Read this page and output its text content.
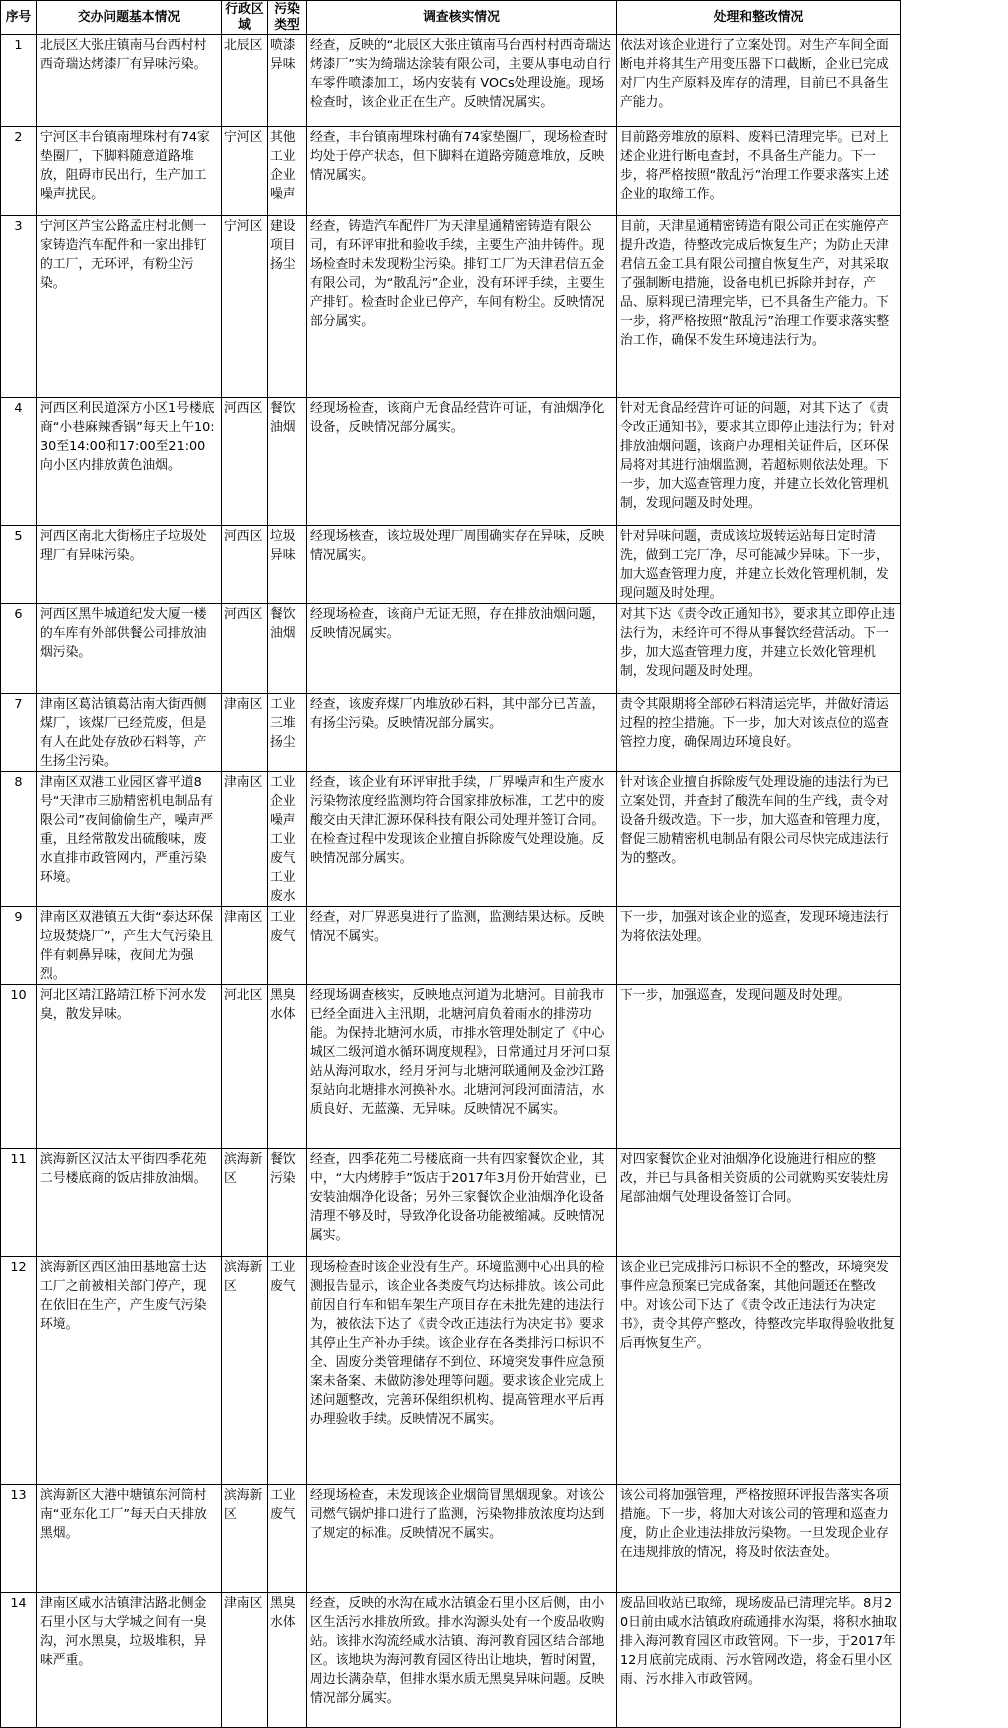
序号	交办问题基本情况	行政区域	污染类型	调查核实情况	处理和整改情况
1	北辰区大张庄镇南马台西村村西奇瑞达烤漆厂有异味污染。	北辰区	喷漆异味	经查，反映的“北辰区大张庄镇南马台西村村西奇瑞达烤漆厂”实为绮瑞达涂装有限公司，主要从事电动自行车零件喷漆加工，场内安装有 VOCs处理设施。现场检查时，该企业正在生产。反映情况属实。	依法对该企业进行了立案处罚。对生产车间全面断电并将其生产用变压器下口截断，企业已完成对厂内生产原料及库存的清理，目前已不具备生产能力。
2	宁河区丰台镇南埋珠村有74家垫圈厂，下脚料随意道路堆放，阻碍市民出行，生产加工噪声扰民。	宁河区	其他工业企业噪声	经查，丰台镇南埋珠村确有74家垫圈厂，现场检查时均处于停产状态，但下脚料在道路旁随意堆放，反映情况属实。	目前路旁堆放的原料、废料已清理完毕。已对上述企业进行断电查封，不具备生产能力。下一步，将严格按照“散乱污”治理工作要求落实上述企业的取缔工作。
3	宁河区芦宝公路孟庄村北侧一家铸造汽车配件和一家出排钉的工厂，无环评，有粉尘污染。	宁河区	建设项目扬尘	经查，铸造汽车配件厂为天津星通精密铸造有限公司，有环评审批和验收手续，主要生产油井铸件。现场检查时未发现粉尘污染。排钉工厂为天津君信五金有限公司，为“散乱污”企业，没有环评手续，主要生产排钉。检查时企业已停产，车间有粉尘。反映情况部分属实。	目前，天津星通精密铸造有限公司正在实施停产提升改造，待整改完成后恢复生产；为防止天津君信五金工具有限公司擅自恢复生产，对其采取了强制断电措施，设备电机已拆除并封存，产品、原料现已清理完毕，已不具备生产能力。下一步，将严格按照“散乱污”治理工作要求落实整治工作，确保不发生环境违法行为。
4	河西区利民道深方小区1号楼底商“小巷麻辣香锅”每天上午10:30至14:00和17:00至21:00向小区内排放黄色油烟。	河西区	餐饮油烟	经现场检查，该商户无食品经营许可证，有油烟净化设备，反映情况部分属实。	针对无食品经营许可证的问题，对其下达了《责令改正通知书》，要求其立即停止违法行为；针对排放油烟问题，该商户办理相关证件后，区环保局将对其进行油烟监测，若超标则依法处理。下一步，加大巡查管理力度，并建立长效化管理机制，发现问题及时处理。
5	河西区南北大街杨庄子垃圾处理厂有异味污染。	河西区	垃圾异味	经现场核查，该垃圾处理厂周围确实存在异味，反映情况属实。	针对异味问题，责成该垃圾转运站每日定时清洗，做到工完厂净，尽可能减少异味。下一步，加大巡查管理力度，并建立长效化管理机制，发现问题及时处理。
6	河西区黑牛城道纪发大厦一楼的车库有外部供餐公司排放油烟污染。	河西区	餐饮油烟	经现场检查，该商户无证无照，存在排放油烟问题，反映情况属实。	对其下达《责令改正通知书》，要求其立即停止违法行为，未经许可不得从事餐饮经营活动。下一步，加大巡查管理力度，并建立长效化管理机制，发现问题及时处理。
7	津南区葛沽镇葛沽南大街西侧煤厂，该煤厂已经荒废，但是有人在此处存放砂石料等，产生扬尘污染。	津南区	工业三堆扬尘	经查，该废弃煤厂内堆放砂石料，其中部分已苫盖，有扬尘污染。反映情况部分属实。	责令其限期将全部砂石料清运完毕，并做好清运过程的控尘措施。下一步，加大对该点位的巡查管控力度，确保周边环境良好。
8	津南区双港工业园区睿平道8号“天津市三励精密机电制品有限公司”夜间偷偷生产，噪声严重，且经常散发出硫酸味，废水直排市政管网内，严重污染环境。	津南区	工业企业噪声工业废气工业废水	经查，该企业有环评审批手续，厂界噪声和生产废水污染物浓度经监测均符合国家排放标准，工艺中的废酸交由天津汇源环保科技有限公司处理并签订合同。在检查过程中发现该企业擅自拆除废气处理设施。反映情况部分属实。	针对该企业擅自拆除废气处理设施的违法行为已立案处罚，并查封了酸洗车间的生产线，责令对设备升级改造。下一步，加大巡查和管理力度，督促三励精密机电制品有限公司尽快完成违法行为的整改。
9	津南区双港镇五大街“泰达环保垃圾焚烧厂”，产生大气污染且伴有刺鼻异味，夜间尤为强烈。	津南区	工业废气	经查，对厂界恶臭进行了监测，监测结果达标。反映情况不属实。	下一步，加强对该企业的巡查，发现环境违法行为将依法处理。
10	河北区靖江路靖江桥下河水发臭，散发异味。	河北区	黑臭水体	经现场调查核实，反映地点河道为北塘河。目前我市已经全面进入主汛期，北塘河肩负着雨水的排涝功能。为保持北塘河水质，市排水管理处制定了《中心城区二级河道水循环调度规程》，日常通过月牙河口泵站从海河取水，经月牙河与北塘河联通闸及金沙江路泵站向北塘排水河换补水。北塘河河段河面清洁，水质良好、无蓝藻、无异味。反映情况不属实。	下一步，加强巡查，发现问题及时处理。
11	滨海新区汉沽太平街四季花苑二号楼底商的饭店排放油烟。	滨海新区	餐饮污染	经查，四季花苑二号楼底商一共有四家餐饮企业，其中，“大内烤脖手”饭店于2017年3月份开始营业，已安装油烟净化设备；另外三家餐饮企业油烟净化设备清理不够及时，导致净化设备功能被缩减。反映情况属实。	对四家餐饮企业对油烟净化设施进行相应的整改，并已与具备相关资质的公司就购买安装灶房尾部油烟气处理设备签订合同。
12	滨海新区西区油田基地富士达工厂之前被相关部门停产，现在依旧在生产，产生废气污染环境。	滨海新区	工业废气	现场检查时该企业没有生产。环境监测中心出具的检测报告显示，该企业各类废气均达标排放。该公司此前因自行车和铝车架生产项目存在未批先建的违法行为，被依法下达了《责令改正违法行为决定书》要求其停止生产补办手续。该企业存在各类排污口标识不全、固废分类管理储存不到位、环境突发事件应急预案未备案、未做防渗处理等问题。要求该企业完成上述问题整改，完善环保组织机构、提高管理水平后再办理验收手续。反映情况不属实。	该企业已完成排污口标识不全的整改，环境突发事件应急预案已完成备案，其他问题还在整改中。对该公司下达了《责令改正违法行为决定书》，责令其停产整改，待整改完毕取得验收批复后再恢复生产。
13	滨海新区大港中塘镇东河筒村南“亚东化工厂”每天白天排放黑烟。	滨海新区	工业废气	经现场检查，未发现该企业烟筒冒黑烟现象。对该公司燃气锅炉排口进行了监测，污染物排放浓度均达到了规定的标准。反映情况不属实。	该公司将加强管理，严格按照环评报告落实各项措施。下一步，将加大对该公司的管理和巡查力度，防止企业违法排放污染物。一旦发现企业存在违规排放的情况，将及时依法查处。
14	津南区咸水沽镇津沽路北侧金石里小区与大学城之间有一臭沟，河水黑臭，垃圾堆积，异味严重。	津南区	黑臭水体	经查，反映的水沟在咸水沽镇金石里小区后侧，由小区生活污水排放所致。排水沟源头处有一个废品收购站。该排水沟流经咸水沽镇、海河教育园区结合部地区。该地块为海河教育园区待出让地块，暂时闲置，周边长满杂草，但排水渠水质无黑臭异味问题。反映情况部分属实。	废品回收站已取缔，现场废品已清理完毕。8月20日前由咸水沽镇政府疏通排水沟渠，将积水抽取排入海河教育园区市政管网。下一步，于2017年12月底前完成雨、污水管网改造，将金石里小区雨、污水排入市政管网。
